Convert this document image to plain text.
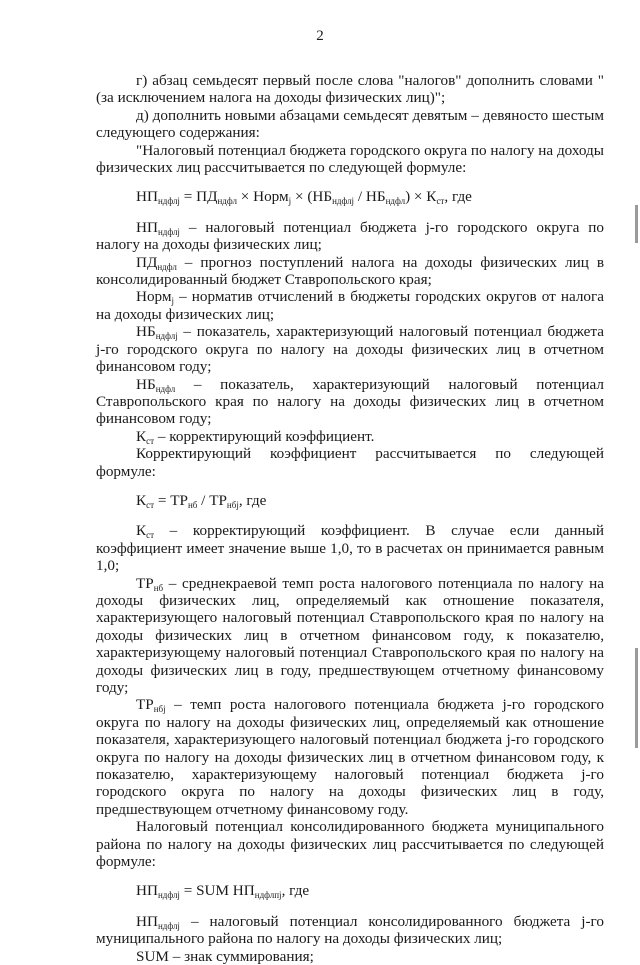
2

г) абзац семьдесят первый после слова "налогов" дополнить словами "(за исключением налога на доходы физических лиц)";

д) дополнить новыми абзацами семьдесят девятым – девяносто шестым следующего содержания:

"Налоговый потенциал бюджета городского округа по налогу на доходы физических лиц рассчитывается по следующей формуле:

$НП_{ндфлj} = ПД_{ндфл}$ × Норм$_j$ × $(НБ_{ндфлj} / НБ_{ндфл}) \times К_{ст}$, где

$НП_{ндфлj}$ – налоговый потенциал бюджета j-го городского округа по налогу на доходы физических лиц;

$ПД_{ндфл}$ – прогноз поступлений налога на доходы физических лиц в консолидированный бюджет Ставропольского края;

Норм$_j$ – норматив отчислений в бюджеты городских округов от налога на доходы физических лиц;

$НБ_{ндфлj}$ – показатель, характеризующий налоговый потенциал бюджета j-го городского округа по налогу на доходы физических лиц в отчетном финансовом году;

$НБ_{ндфл}$ – показатель, характеризующий налоговый потенциал Ставропольского края по налогу на доходы физических лиц в отчетном финансовом году;

$К_{ст}$ – корректирующий коэффициент.

Корректирующий коэффициент рассчитывается по следующей формуле:

$К_{ст} = ТР_{нб} / ТР_{нбj}$, где

$К_{ст}$ – корректирующий коэффициент. В случае если данный коэффициент имеет значение выше 1,0, то в расчетах он принимается равным 1,0;

$ТР_{нб}$ – среднекраевой темп роста налогового потенциала по налогу на доходы физических лиц, определяемый как отношение показателя, характеризующего налоговый потенциал Ставропольского края по налогу на доходы физических лиц в отчетном финансовом году, к показателю, характеризующему налоговый потенциал Ставропольского края по налогу на доходы физических лиц в году, предшествующем отчетному финансовому году;

$ТР_{нбj}$ – темп роста налогового потенциала бюджета j-го городского округа по налогу на доходы физических лиц, определяемый как отношение показателя, характеризующего налоговый потенциал бюджета j-го городского округа по налогу на доходы физических лиц в отчетном финансовом году, к показателю, характеризующему налоговый потенциал бюджета j-го городского округа по налогу на доходы физических лиц в году, предшествующем отчетному финансовому году.

Налоговый потенциал консолидированного бюджета муниципального района по налогу на доходы физических лиц рассчитывается по следующей формуле:

$НП_{ндфлj}$ = SUM $НП_{ндфлпj}$, где

$НП_{ндфлj}$ – налоговый потенциал консолидированного бюджета j-го муниципального района по налогу на доходы физических лиц;

SUM – знак суммирования;
